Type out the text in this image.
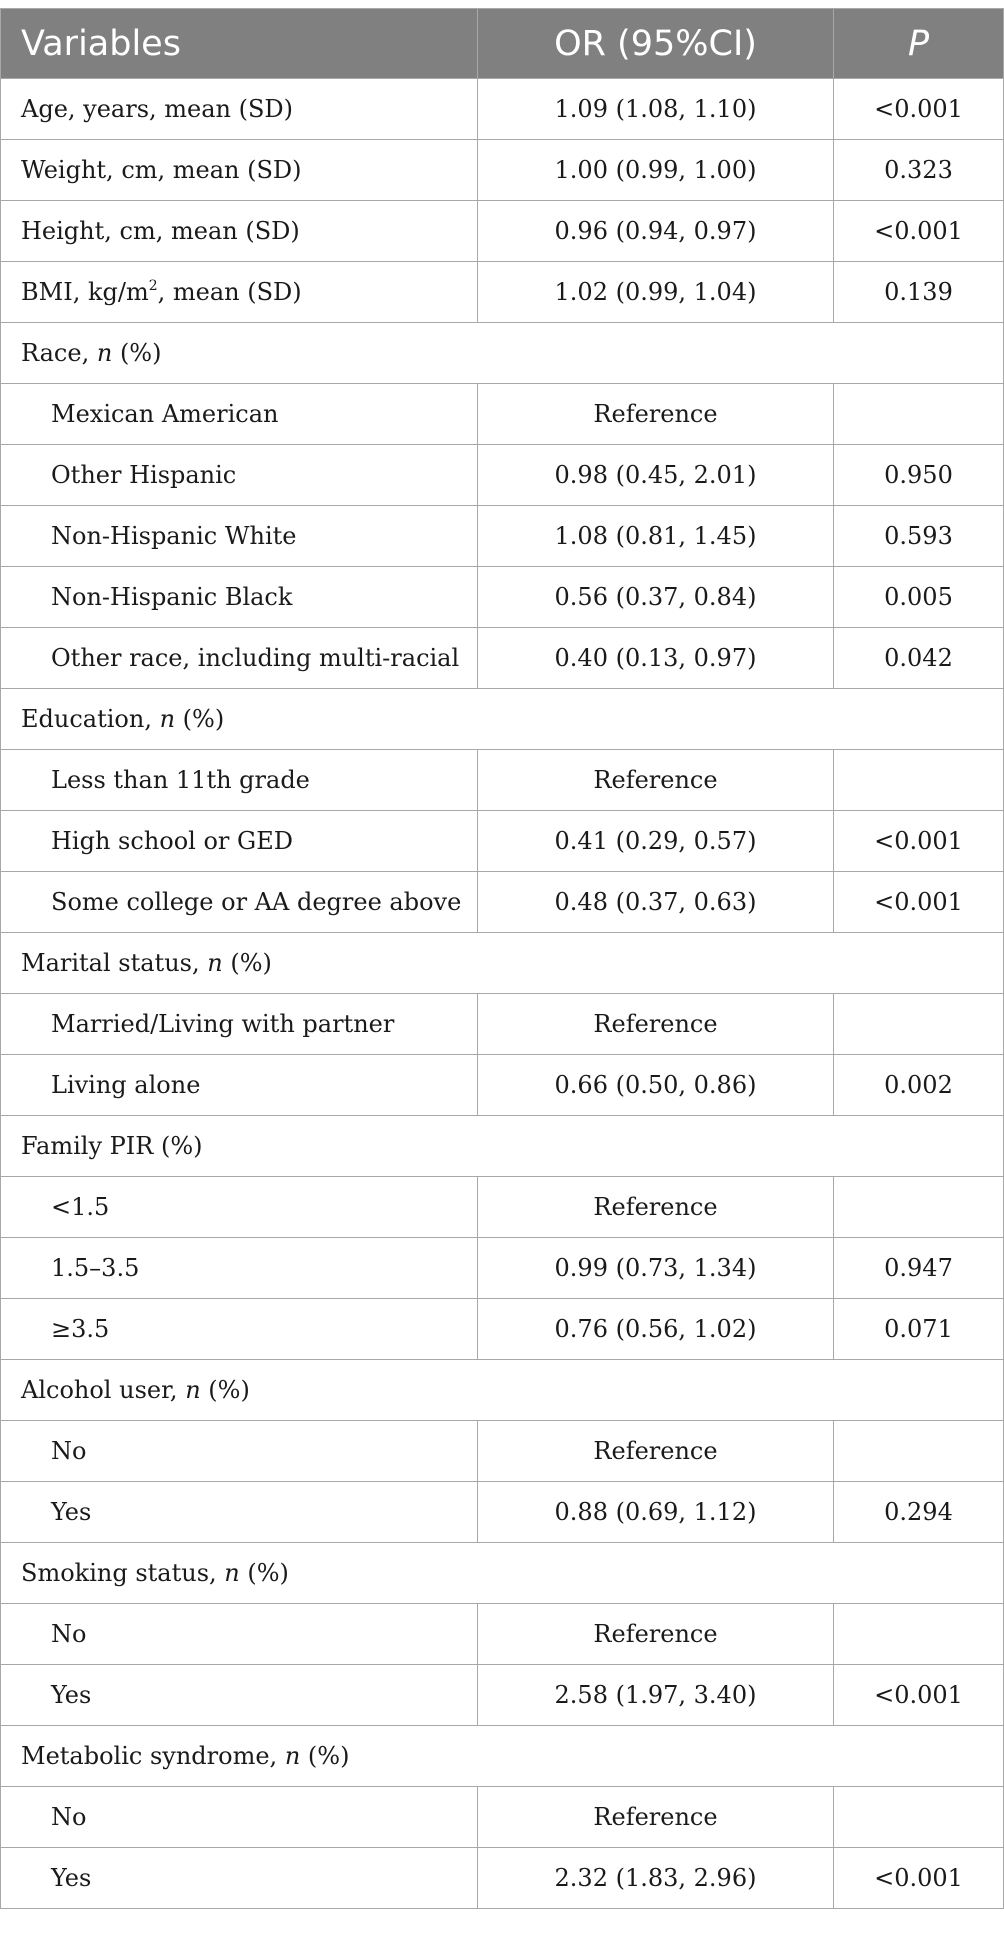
Variables	OR (95%CI)	P
Age, years, mean (SD)	1.09 (1.08, 1.10)	<0.001
Weight, cm, mean (SD)	1.00 (0.99, 1.00)	0.323
Height, cm, mean (SD)	0.96 (0.94, 0.97)	<0.001
BMI, $kg/m^2$, mean (SD)	1.02 (0.99, 1.04)	0.139
Race, n (%)		
Mexican American	Reference	
Other Hispanic	0.98 (0.45, 2.01)	0.950
Non-Hispanic White	1.08 (0.81, 1.45)	0.593
Non-Hispanic Black	0.56 (0.37, 0.84)	0.005
Other race, including multi-racial	0.40 (0.13, 0.97)	0.042
Education, n (%)		
Less than 11th grade	Reference	
High school or GED	0.41 (0.29, 0.57)	<0.001
Some college or AA degree above	0.48 (0.37, 0.63)	<0.001
Marital status, n (%)		
Married/Living with partner	Reference	
Living alone	0.66 (0.50, 0.86)	0.002
Family PIR (%)		
<1.5	Reference	
1.5–3.5	0.99 (0.73, 1.34)	0.947
≥3.5	0.76 (0.56, 1.02)	0.071
Alcohol user, n (%)		
No	Reference	
Yes	0.88 (0.69, 1.12)	0.294
Smoking status, n (%)		
No	Reference	
Yes	2.58 (1.97, 3.40)	<0.001
Metabolic syndrome, n (%)		
No	Reference	
Yes	2.32 (1.83, 2.96)	<0.001
